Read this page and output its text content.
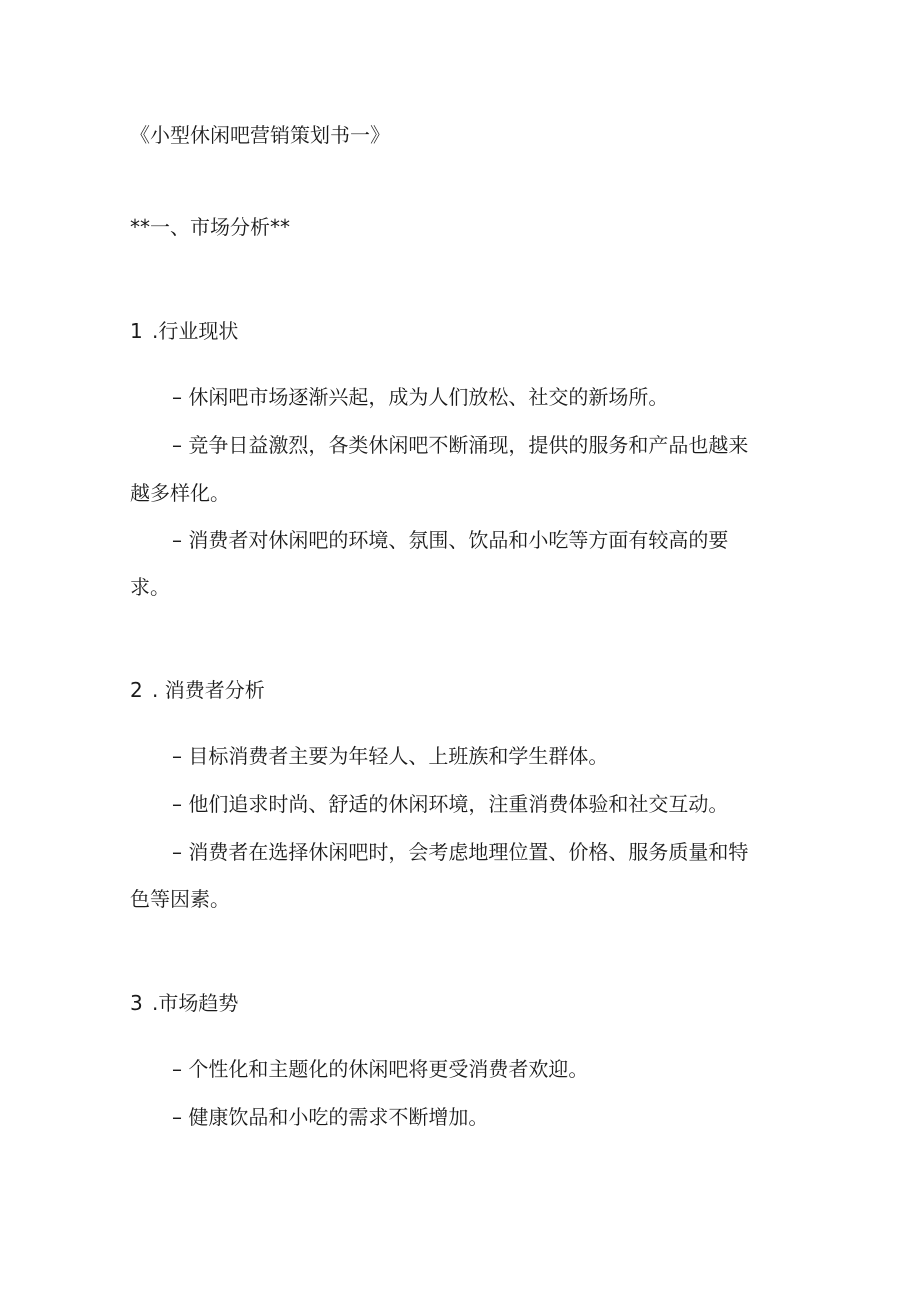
《小型休闲吧营销策划书一》
**一、市场分析**
1 .行业现状
– 休闲吧市场逐渐兴起，成为人们放松、社交的新场所。
– 竞争日益激烈，各类休闲吧不断涌现，提供的服务和产品也越来
越多样化。
– 消费者对休闲吧的环境、氛围、饮品和小吃等方面有较高的要
求。
2 . 消费者分析
– 目标消费者主要为年轻人、上班族和学生群体。
– 他们追求时尚、舒适的休闲环境，注重消费体验和社交互动。
– 消费者在选择休闲吧时，会考虑地理位置、价格、服务质量和特
色等因素。
3 .市场趋势
– 个性化和主题化的休闲吧将更受消费者欢迎。
– 健康饮品和小吃的需求不断增加。
